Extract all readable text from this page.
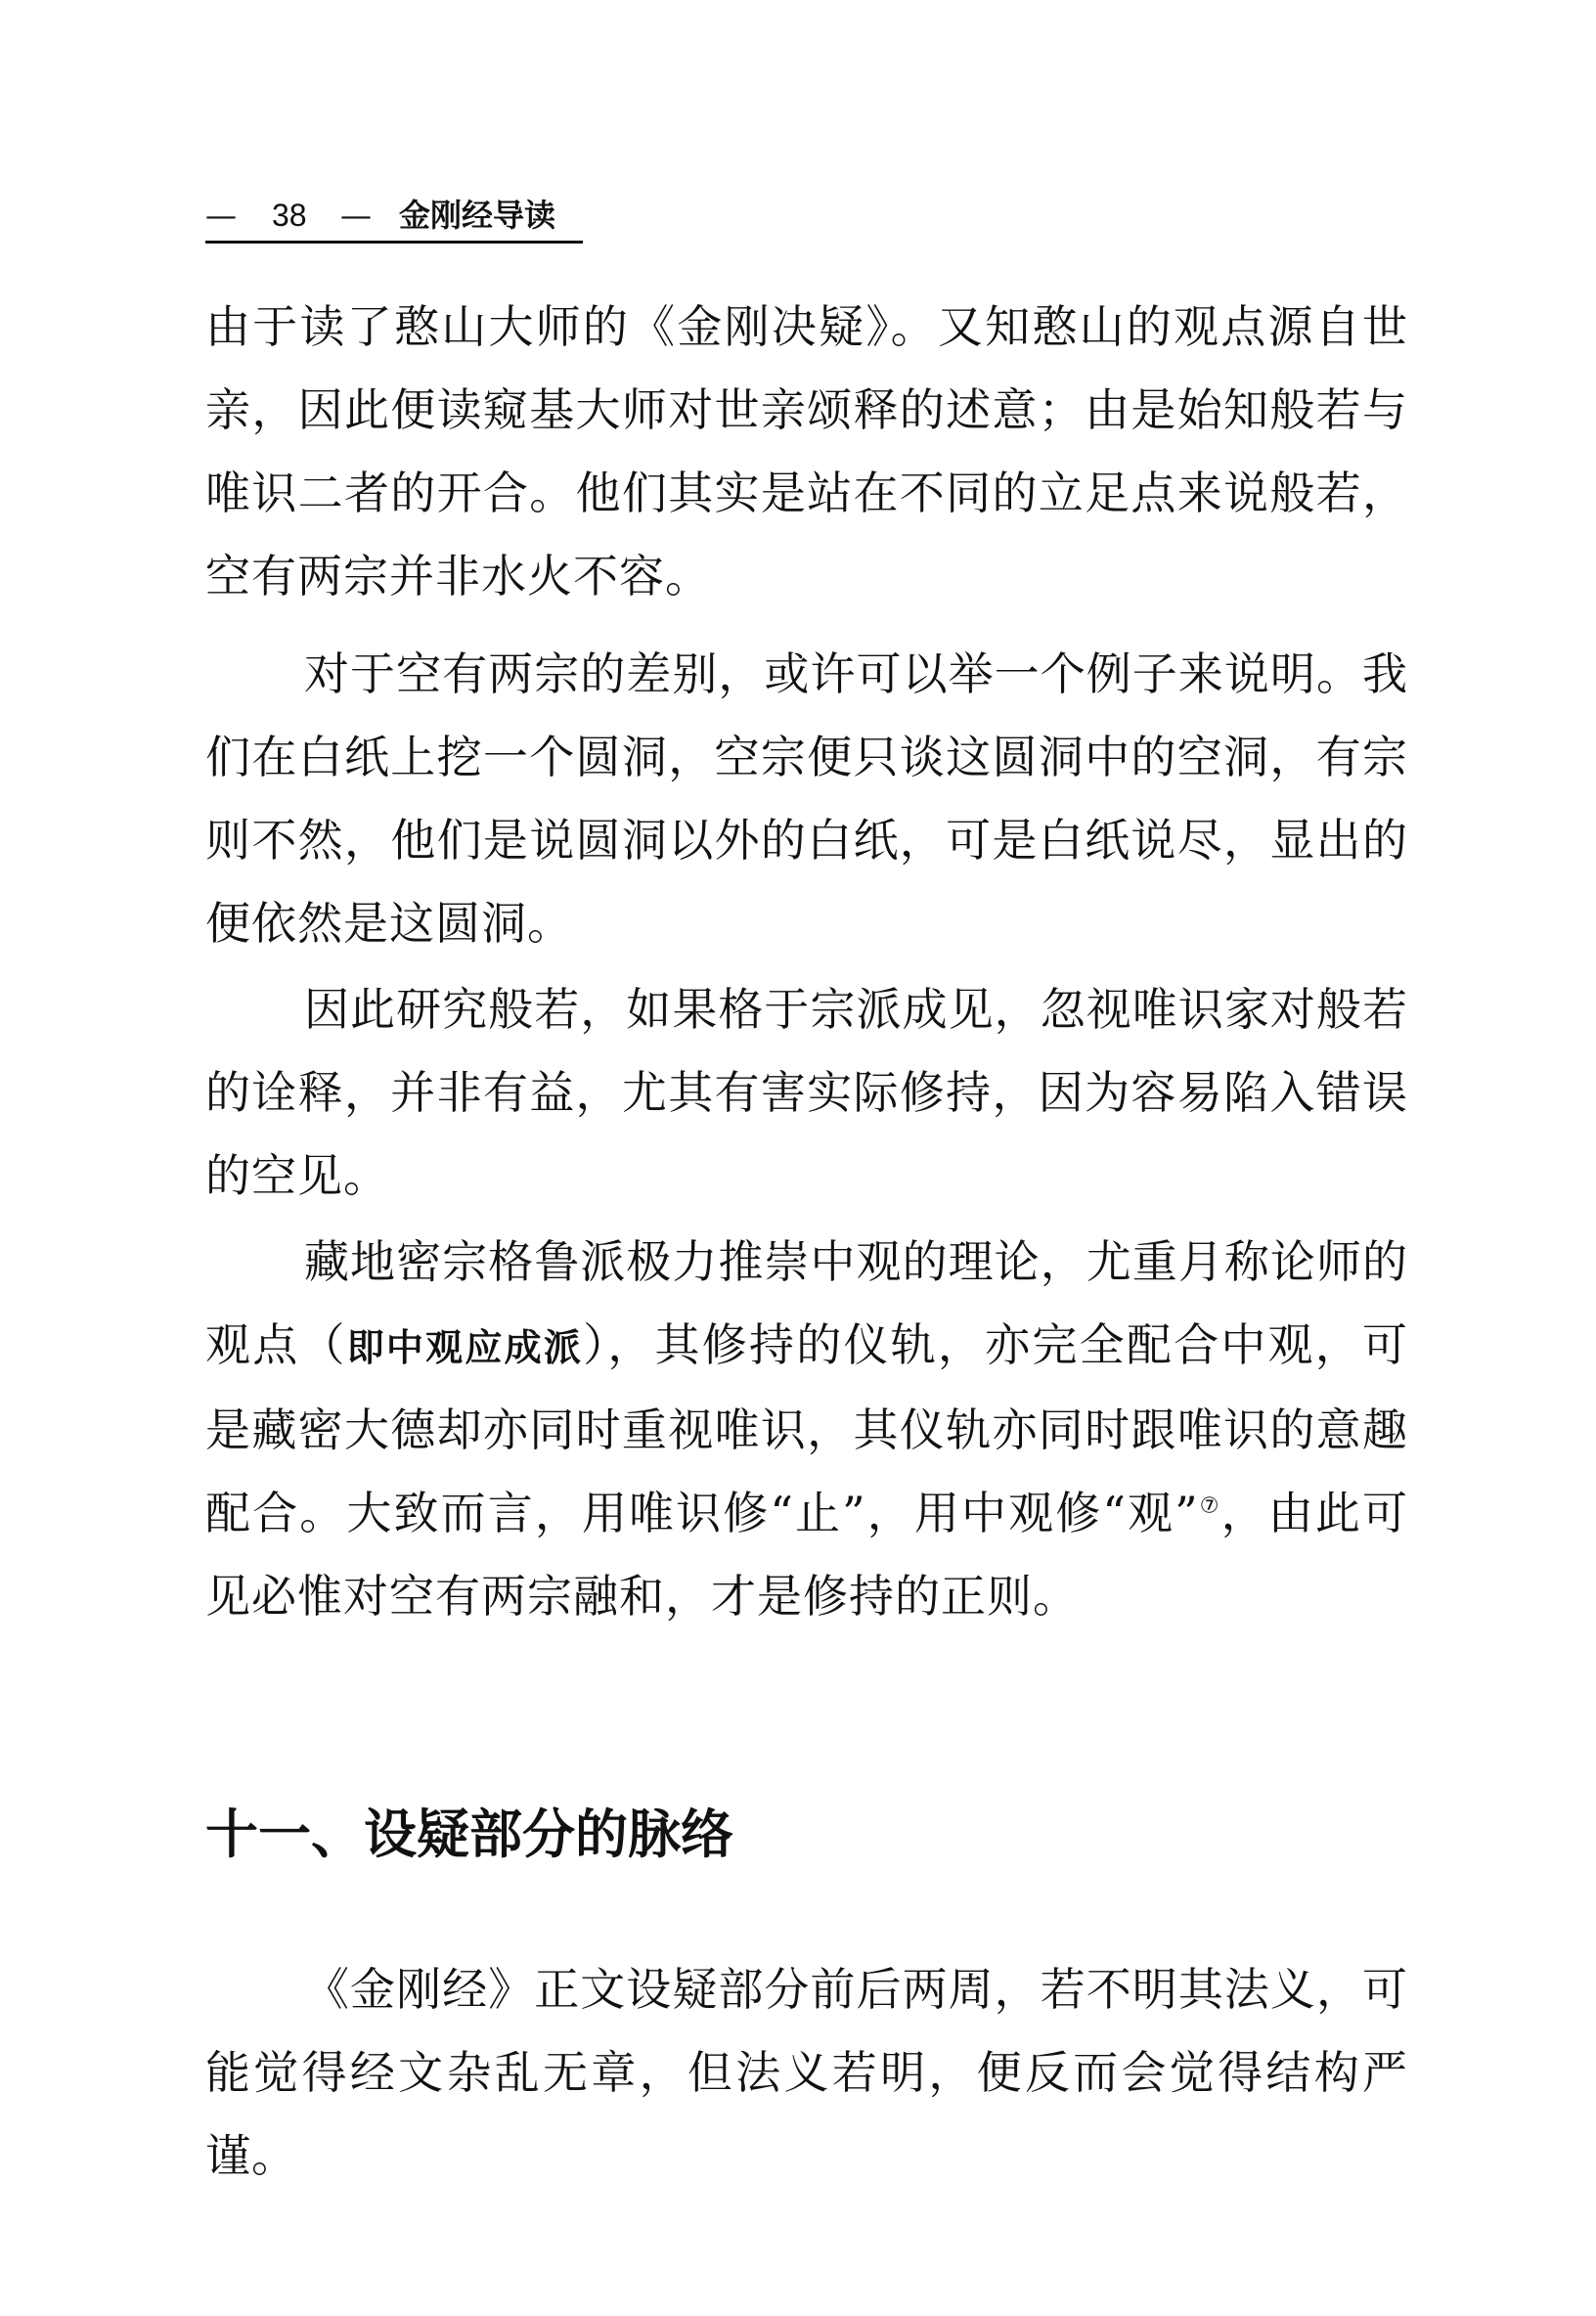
— 38 — 金刚经导读

由于读了憨山大师的《金刚决疑》。又知憨山的观点源自世亲，因此便读窥基大师对世亲颂释的述意；由是始知般若与唯识二者的开合。他们其实是站在不同的立足点来说般若，空有两宗并非水火不容。

对于空有两宗的差别，或许可以举一个例子来说明。我们在白纸上挖一个圆洞，空宗便只谈这圆洞中的空洞，有宗则不然，他们是说圆洞以外的白纸，可是白纸说尽，显出的便依然是这圆洞。

因此研究般若，如果格于宗派成见，忽视唯识家对般若的诠释，并非有益，尤其有害实际修持，因为容易陷入错误的空见。

藏地密宗格鲁派极力推崇中观的理论，尤重月称论师的观点（即中观应成派），其修持的仪轨，亦完全配合中观，可是藏密大德却亦同时重视唯识，其仪轨亦同时跟唯识的意趣配合。大致而言，用唯识修“止”，用中观修“观”⑦，由此可见必惟对空有两宗融和，才是修持的正则。

十一、设疑部分的脉络

《金刚经》正文设疑部分前后两周，若不明其法义，可能觉得经文杂乱无章，但法义若明，便反而会觉得结构严谨。
